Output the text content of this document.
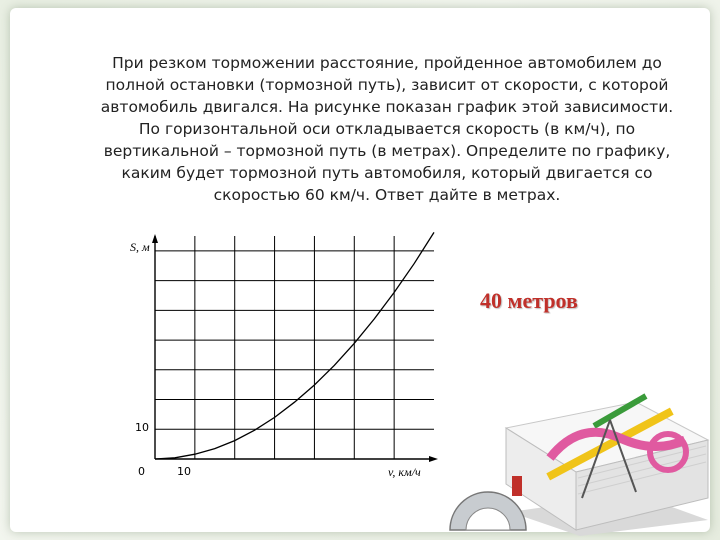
При резком торможении расстояние, пройденное автомобилем до полной остановки (тормозной путь), зависит от скорости, с которой автомобиль двигался. На рисунке показан график этой зависимости. По горизонтальной оси откладывается скорость (в км/ч), по вертикальной – тормозной путь (в метрах). Определите по графику, каким будет тормозной путь автомобиля, который двигается со скоростью 60 км/ч. Ответ дайте в метрах.

S, м
v, км/ч
0	10
10
40 метров
